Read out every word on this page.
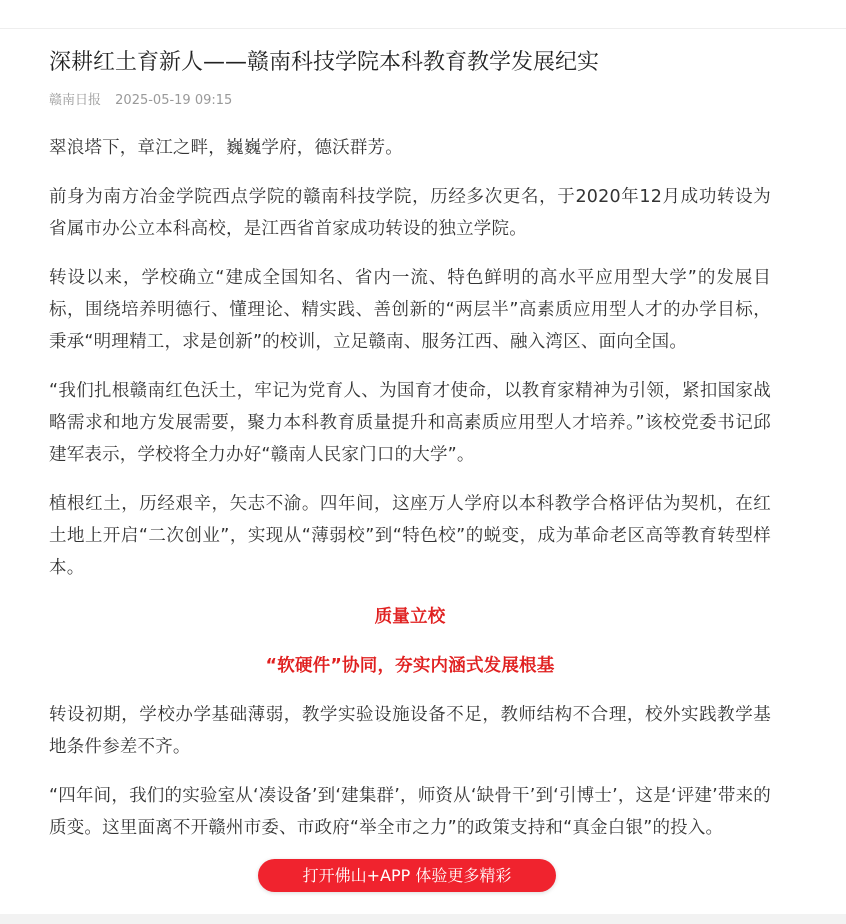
深耕红土育新人——赣南科技学院本科教育教学发展纪实
赣南日报 2025-05-19 09:15

翠浪塔下，章江之畔，巍巍学府，德沃群芳。

前身为南方冶金学院西点学院的赣南科技学院，历经多次更名，于2020年12月成功转设为省属市办公立本科高校，是江西省首家成功转设的独立学院。

转设以来，学校确立“建成全国知名、省内一流、特色鲜明的高水平应用型大学”的发展目标，围绕培养明德行、懂理论、精实践、善创新的“两层半”高素质应用型人才的办学目标，秉承“明理精工，求是创新”的校训，立足赣南、服务江西、融入湾区、面向全国。

“我们扎根赣南红色沃土，牢记为党育人、为国育才使命，以教育家精神为引领，紧扣国家战略需求和地方发展需要，聚力本科教育质量提升和高素质应用型人才培养。”该校党委书记邱建军表示，学校将全力办好“赣南人民家门口的大学”。

植根红土，历经艰辛，矢志不渝。四年间，这座万人学府以本科教学合格评估为契机，在红土地上开启“二次创业”，实现从“薄弱校”到“特色校”的蜕变，成为革命老区高等教育转型样本。

质量立校

“软硬件”协同，夯实内涵式发展根基

转设初期，学校办学基础薄弱，教学实验设施设备不足，教师结构不合理，校外实践教学基地条件参差不齐。

“四年间，我们的实验室从‘凑设备’到‘建集群’，师资从‘缺骨干’到‘引博士’，这是‘评建’带来的质变。这里面离不开赣州市委、市政府“举全市之力”的政策支持和“真金白银”的投入。

打开佛山+APP 体验更多精彩
